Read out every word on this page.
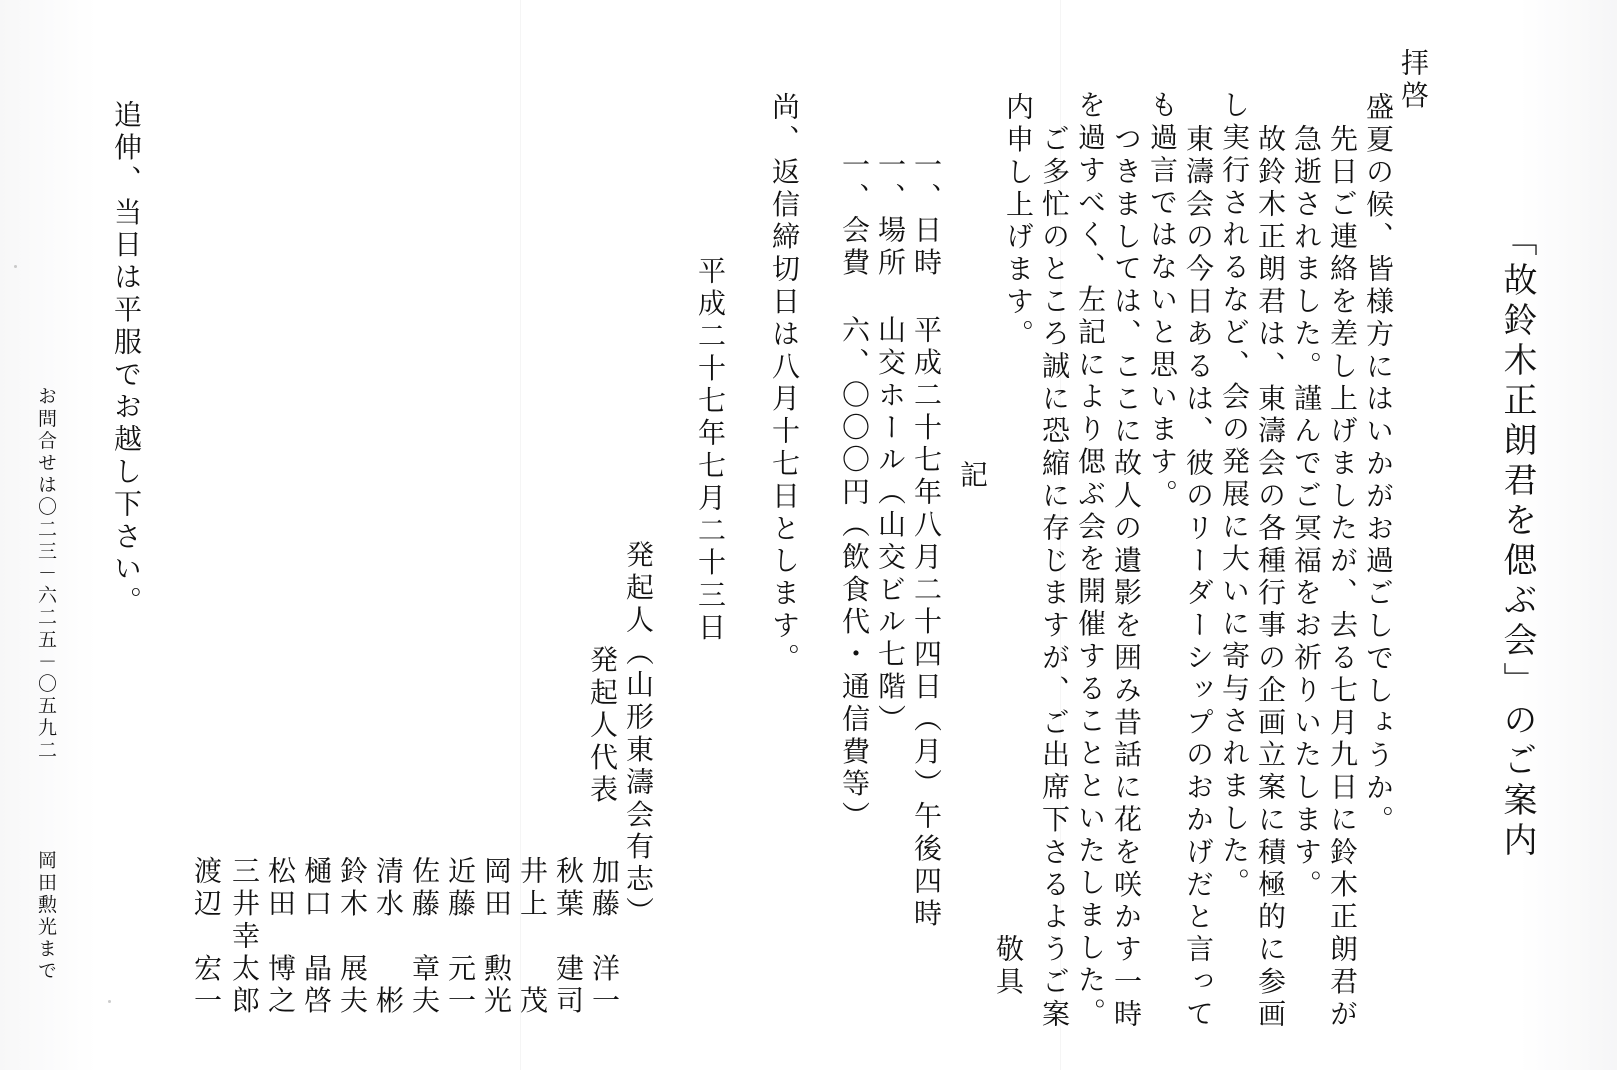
「故鈴木正朗君を偲ぶ会」のご案内
拝啓
盛夏の候、皆様方にはいかがお過ごしでしょうか。
先日ご連絡を差し上げましたが、去る七月九日に鈴木正朗君が
急逝されました。謹んでご冥福をお祈りいたします。
故鈴木正朗君は、東濤会の各種行事の企画立案に積極的に参画
し実行されるなど、会の発展に大いに寄与されました。
東濤会の今日あるは、彼のリーダーシップのおかげだと言って
も過言ではないと思います。
つきましては、ここに故人の遺影を囲み昔話に花を咲かす一時
を過すべく、左記により偲ぶ会を開催することといたしました。
ご多忙のところ誠に恐縮に存じますが、ご出席下さるようご案
内申し上げます。
敬具
記
一、日時
平成二十七年八月二十四日（月）午後四時
一、場所
山交ホール（山交ビル七階）
一、会費
六、〇〇〇円（飲食代・通信費等）
尚、返信締切日は八月十七日とします。
平成二十七年七月二十三日
発起人（山形東濤会有志）
発起人代表
加藤　洋一
秋葉　建司
井上　　茂
岡田　勲光
近藤　元一
佐藤　章夫
清水　　彬
鈴木　展夫
樋口　晶啓
松田　博之
三井幸太郎
渡辺　宏一
追伸、当日は平服でお越し下さい。
お問合せは〇二三－六二五－〇五九二
岡田勲光まで
